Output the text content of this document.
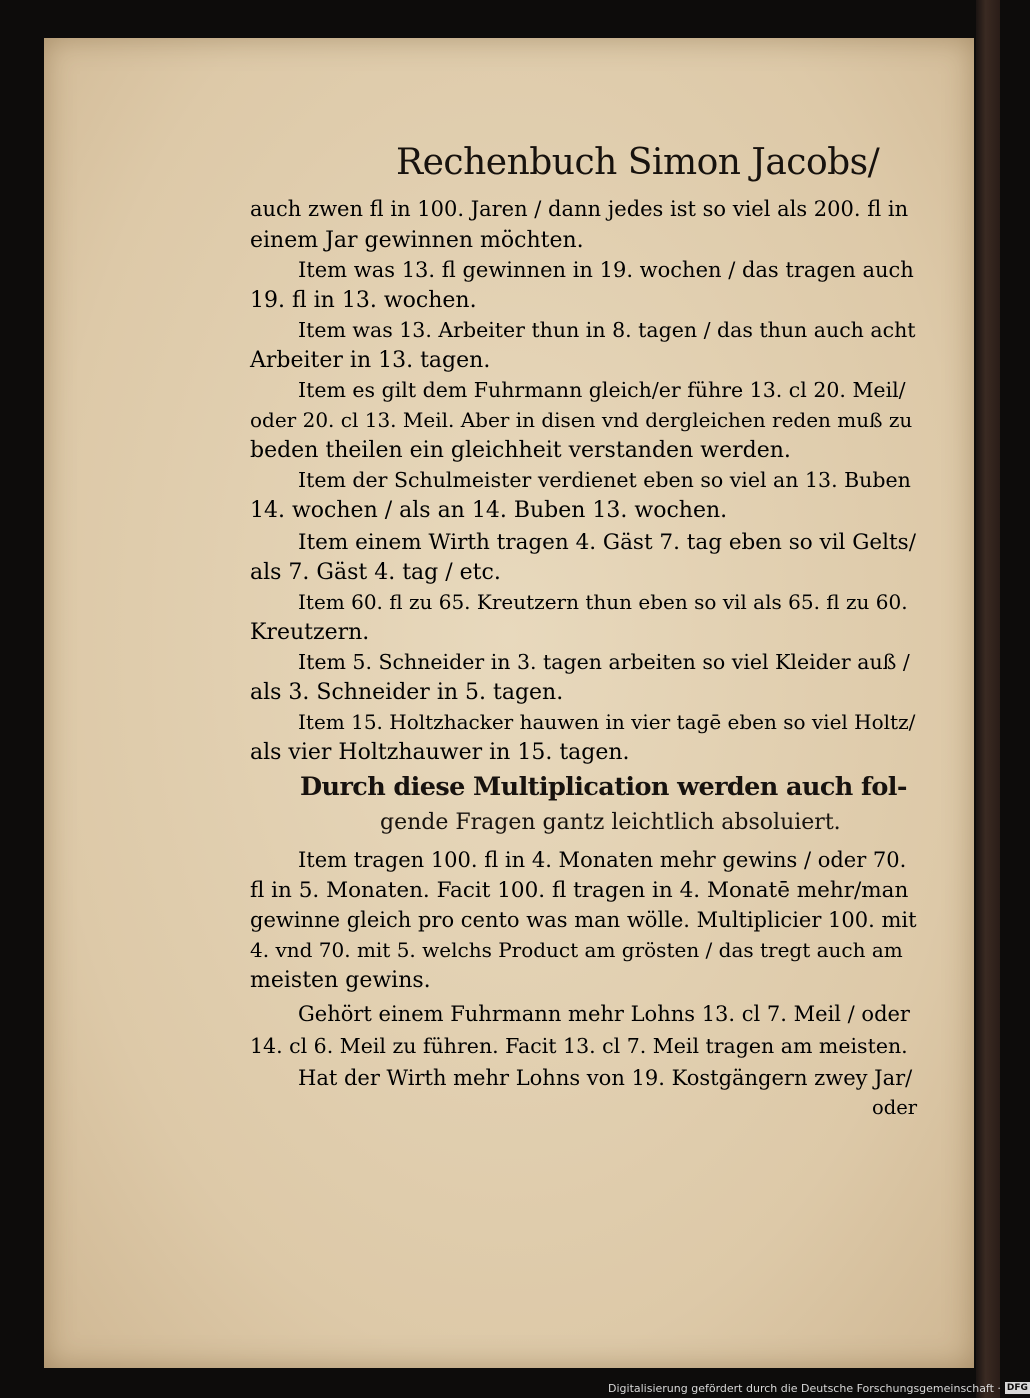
Rechenbuch Simon Jacobs/
auch zwen fl in 100. Jaren / dann jedes ist so viel als 200. fl in
einem Jar gewinnen möchten.
Item was 13. fl gewinnen in 19. wochen / das tragen auch
19. fl in 13. wochen.
Item was 13. Arbeiter thun in 8. tagen / das thun auch acht
Arbeiter in 13. tagen.
Item es gilt dem Fuhrmann gleich/er führe 13. cl 20. Meil/
oder 20. cl 13. Meil. Aber in disen vnd dergleichen reden muß zu
beden theilen ein gleichheit verstanden werden.
Item der Schulmeister verdienet eben so viel an 13. Buben
14. wochen / als an 14. Buben 13. wochen.
Item einem Wirth tragen 4. Gäst 7. tag eben so vil Gelts/
als 7. Gäst 4. tag / etc.
Item 60. fl zu 65. Kreutzern thun eben so vil als 65. fl zu 60.
Kreutzern.
Item 5. Schneider in 3. tagen arbeiten so viel Kleider auß /
als 3. Schneider in 5. tagen.
Item 15. Holtzhacker hauwen in vier tagē eben so viel Holtz/
als vier Holtzhauwer in 15. tagen.
Durch diese Multiplication werden auch fol-
gende Fragen gantz leichtlich absoluiert.
Item tragen 100. fl in 4. Monaten mehr gewins / oder 70.
fl in 5. Monaten. Facit 100. fl tragen in 4. Monatē mehr/man
gewinne gleich pro cento was man wölle. Multiplicier 100. mit
4. vnd 70. mit 5. welchs Product am grösten / das tregt auch am
meisten gewins.
Gehört einem Fuhrmann mehr Lohns 13. cl 7. Meil / oder
14. cl 6. Meil zu führen. Facit 13. cl 7. Meil tragen am meisten.
Hat der Wirth mehr Lohns von 19. Kostgängern zwey Jar/
oder
Digitalisierung gefördert durch die Deutsche Forschungsgemeinschaft · DFG
